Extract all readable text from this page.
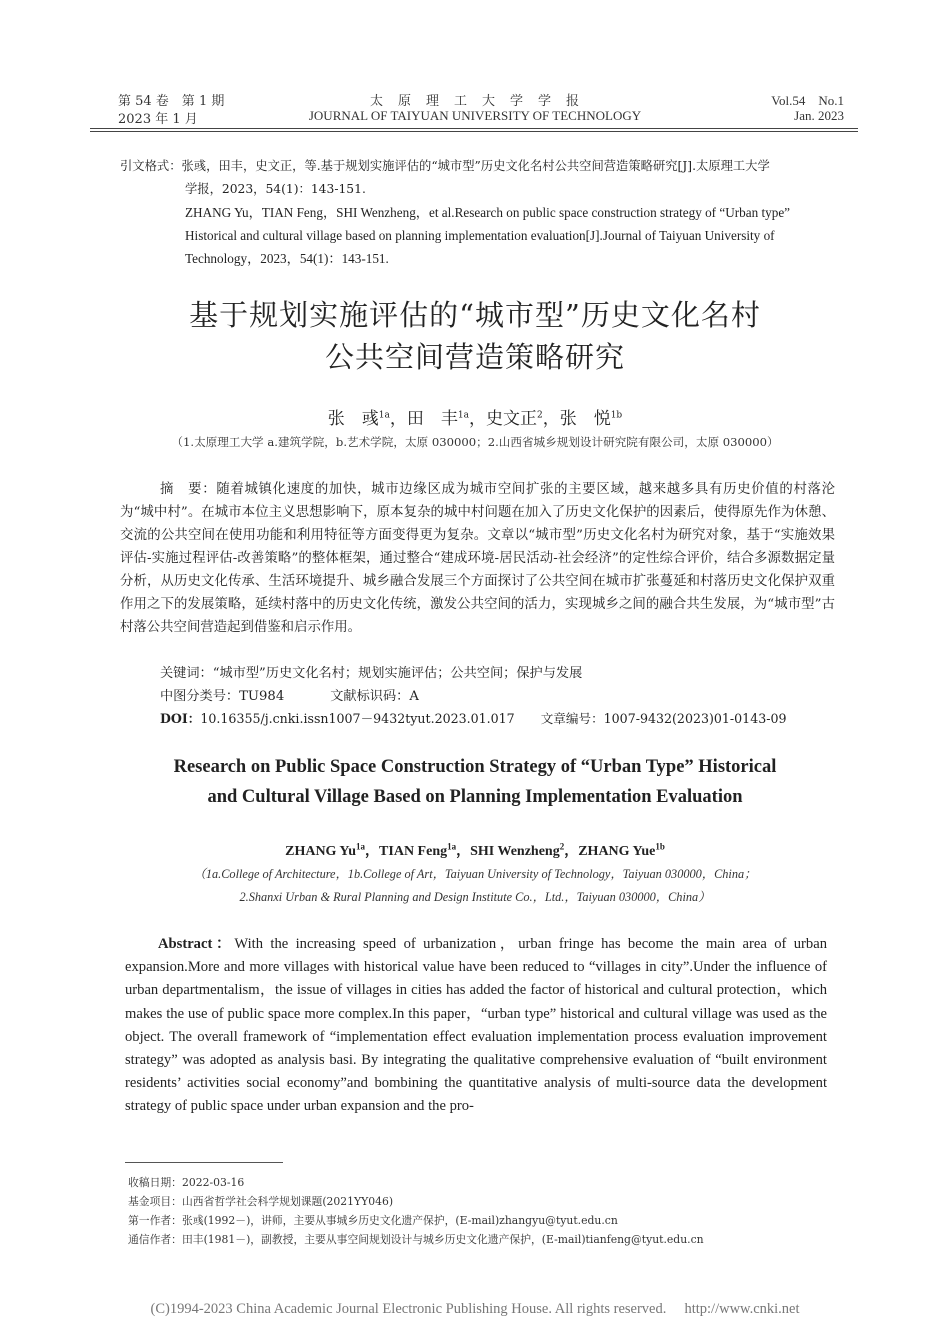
第 54 卷　第 1 期
2023 年 1 月
太　原　理　工　大　学　学　报
JOURNAL OF TAIYUAN UNIVERSITY OF TECHNOLOGY
Vol.54　No.1
Jan. 2023
引文格式：张彧，田丰，史文正，等.基于规划实施评估的“城市型”历史文化名村公共空间营造策略研究[J].太原理工大学
学报，2023，54(1)：143-151.
ZHANG Yu，TIAN Feng，SHI Wenzheng，et al.Research on public space construction strategy of “Urban type”
Historical and cultural village based on planning implementation evaluation[J].Journal of Taiyuan University of
Technology，2023，54(1)：143-151.
基于规划实施评估的“城市型”历史文化名村
公共空间营造策略研究
张　彧$^{1a}$，田　丰$^{1a}$，史文正$^2$，张　悦$^{1b}$
（1.太原理工大学 a.建筑学院，b.艺术学院，太原 030000；2.山西省城乡规划设计研究院有限公司，太原 030000）
摘　要：随着城镇化速度的加快，城市边缘区成为城市空间扩张的主要区域，越来越多具有历史价值的村落沦为“城中村”。在城市本位主义思想影响下，原本复杂的城中村问题在加入了历史文化保护的因素后，使得原先作为休憩、交流的公共空间在使用功能和利用特征等方面变得更为复杂。文章以“城市型”历史文化名村为研究对象，基于“实施效果评估-实施过程评估-改善策略”的整体框架，通过整合“建成环境-居民活动-社会经济”的定性综合评价，结合多源数据定量分析，从历史文化传承、生活环境提升、城乡融合发展三个方面探讨了公共空间在城市扩张蔓延和村落历史文化保护双重作用之下的发展策略，延续村落中的历史文化传统，激发公共空间的活力，实现城乡之间的融合共生发展，为“城市型”古村落公共空间营造起到借鉴和启示作用。
关键词：“城市型”历史文化名村；规划实施评估；公共空间；保护与发展
中图分类号：TU984	文献标识码：A
DOI：10.16355/j.cnki.issn1007－9432tyut.2023.01.017 文章编号：1007-9432(2023)01-0143-09
Research on Public Space Construction Strategy of “Urban Type” Historical
and Cultural Village Based on Planning Implementation Evaluation
ZHANG $Yu^{1a}$，TIAN Feng$^{1a}$，SHI Wenzheng$^2$，ZHANG Yue$^{1b}$
（1a.College of Architecture，1b.College of Art，Taiyuan University of Technology，Taiyuan 030000，China；
2.Shanxi Urban & Rural Planning and Design Institute Co.，Ltd.，Taiyuan 030000，China）
Abstract：With the increasing speed of urbanization，urban fringe has become the main area of urban expansion.More and more villages with historical value have been reduced to “villages in city”.Under the influence of urban departmentalism，the issue of villages in cities has added the factor of historical and cultural protection，which makes the use of public space more complex.In this paper，“urban type” historical and cultural village was used as the object. The overall framework of “implementation effect evaluation implementation process evaluation improvement strategy” was adopted as analysis basi. By integrating the qualitative comprehensive evaluation of “built environment residents’ activities social economy”and bombining the quantitative analysis of multi-source data the development strategy of public space under urban expansion and the pro-
收稿日期：2022-03-16
基金项目：山西省哲学社会科学规划课题(2021YY046)
第一作者：张彧(1992－)，讲师，主要从事城乡历史文化遗产保护，(E-mail)zhangyu@tyut.edu.cn
通信作者：田丰(1981－)，副教授，主要从事空间规划设计与城乡历史文化遗产保护，(E-mail)tianfeng@tyut.edu.cn
(C)1994-2023 China Academic Journal Electronic Publishing House. All rights reserved.　 http://www.cnki.net
